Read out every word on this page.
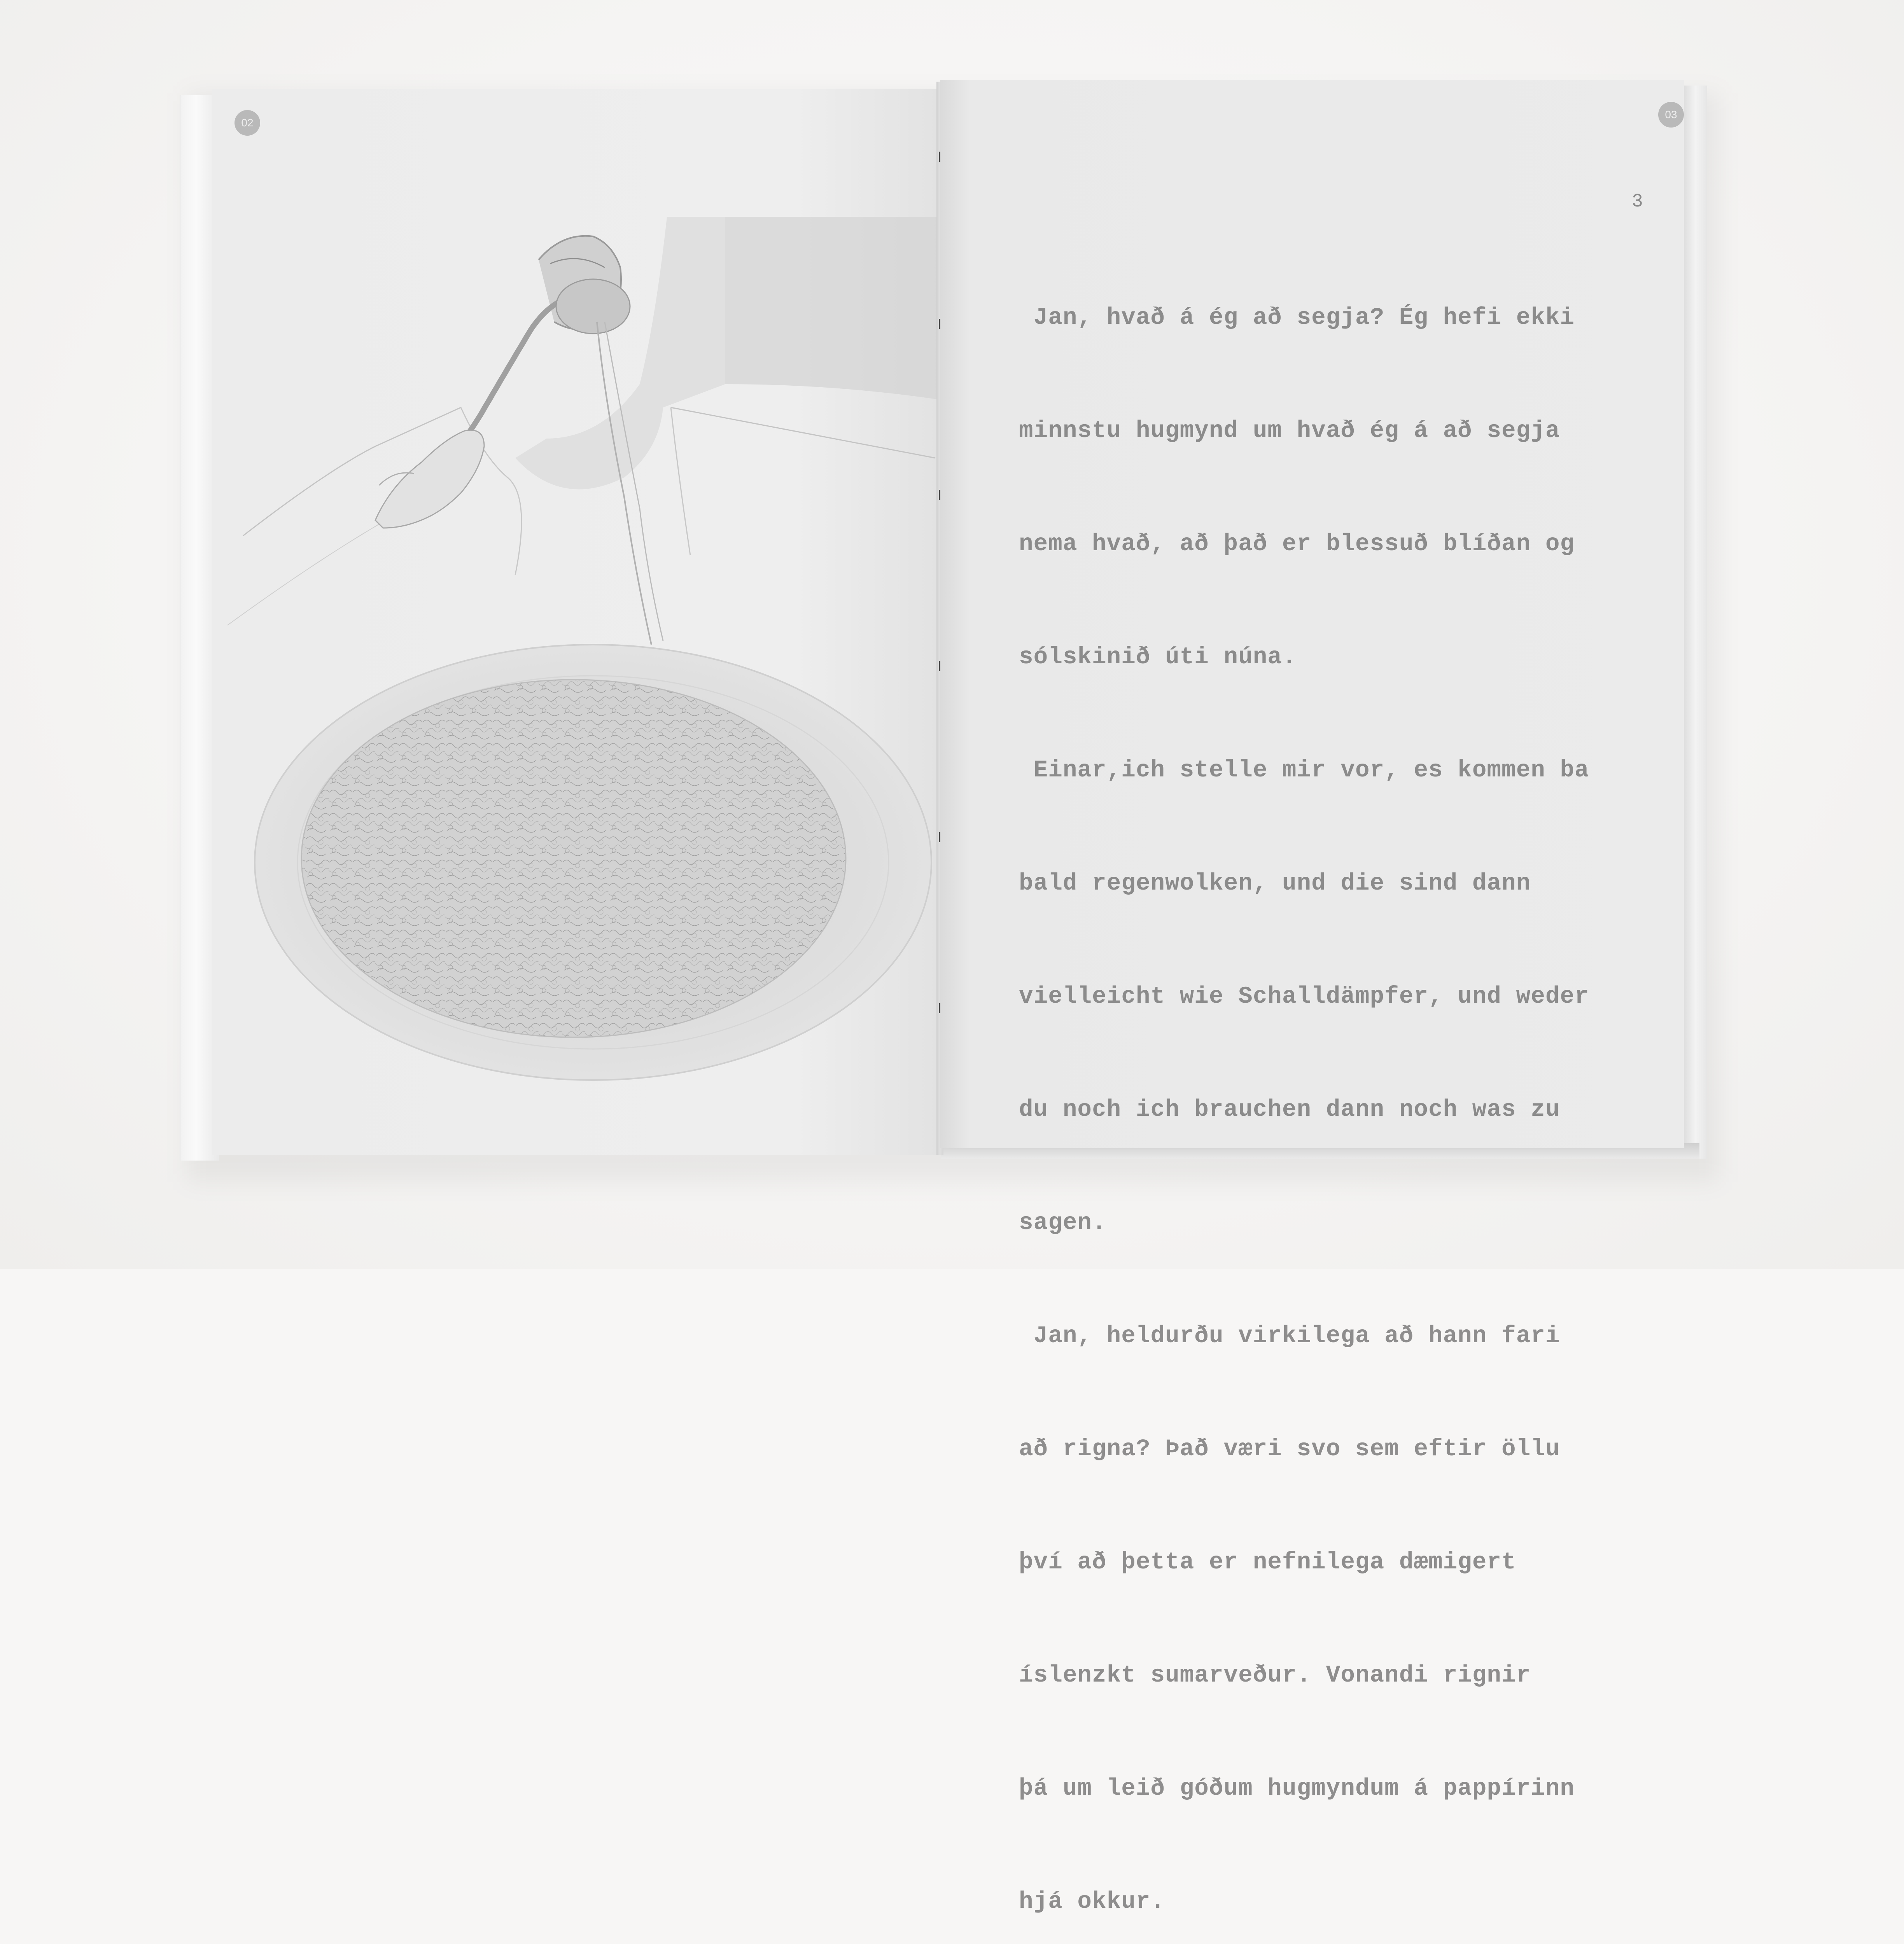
02
03
3

Jan, hvað á ég að segja? Ég hefi ekki

minnstu hugmynd um hvað ég á að segja

nema hvað, að það er blessuð blíðan og

sólskinið úti núna.

Einar,ich stelle mir vor, es kommen ba

bald regenwolken, und die sind dann

vielleicht wie Schalldämpfer, und weder

du noch ich brauchen dann noch was zu

sagen.

Jan, heldurðu virkilega að hann fari

að rigna? Það væri svo sem eftir öllu

því að þetta er nefnilega dæmigert

íslenzkt sumarveður. Vonandi rignir

þá um leið góðum hugmyndum á pappírinn

hjá okkur.
